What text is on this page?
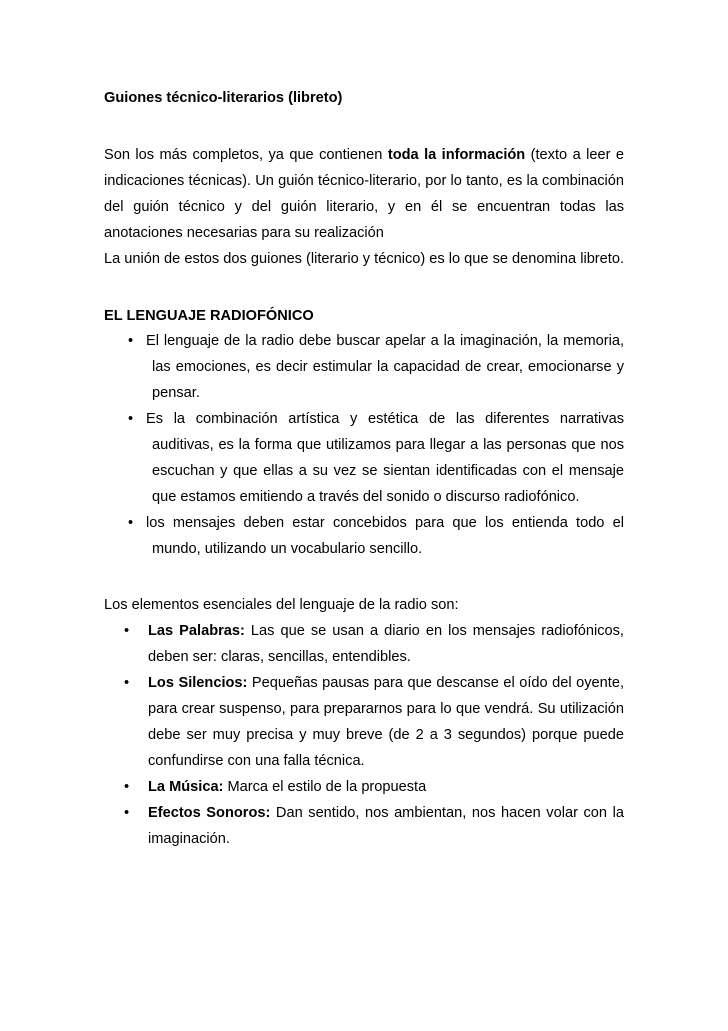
Guiones técnico-literarios (libreto)

Son los más completos, ya que contienen toda la información (texto a leer e indicaciones técnicas). Un guión técnico-literario, por lo tanto, es la combinación del guión técnico y del guión literario, y en él se encuentran todas las anotaciones necesarias para su realización

La unión de estos dos guiones (literario y técnico) es lo que se denomina libreto.

EL LENGUAJE RADIOFÓNICO

• El lenguaje de la radio debe buscar apelar a la imaginación, la memoria, las emociones, es decir estimular la capacidad de crear, emocionarse y pensar.
• Es la combinación artística y estética de las diferentes narrativas auditivas, es la forma que utilizamos para llegar a las personas que nos escuchan y que ellas a su vez se sientan identificadas con el mensaje que estamos emitiendo a través del sonido o discurso radiofónico.
• los mensajes deben estar concebidos para que los entienda todo el mundo, utilizando un vocabulario sencillo.

Los elementos esenciales del lenguaje de la radio son:

• Las Palabras: Las que se usan a diario en los mensajes radiofónicos, deben ser: claras, sencillas, entendibles.
• Los Silencios: Pequeñas pausas para que descanse el oído del oyente, para crear suspenso, para prepararnos para lo que vendrá. Su utilización debe ser muy precisa y muy breve (de 2 a 3 segundos) porque puede confundirse con una falla técnica.
• La Música: Marca el estilo de la propuesta
• Efectos Sonoros: Dan sentido, nos ambientan, nos hacen volar con la imaginación.
